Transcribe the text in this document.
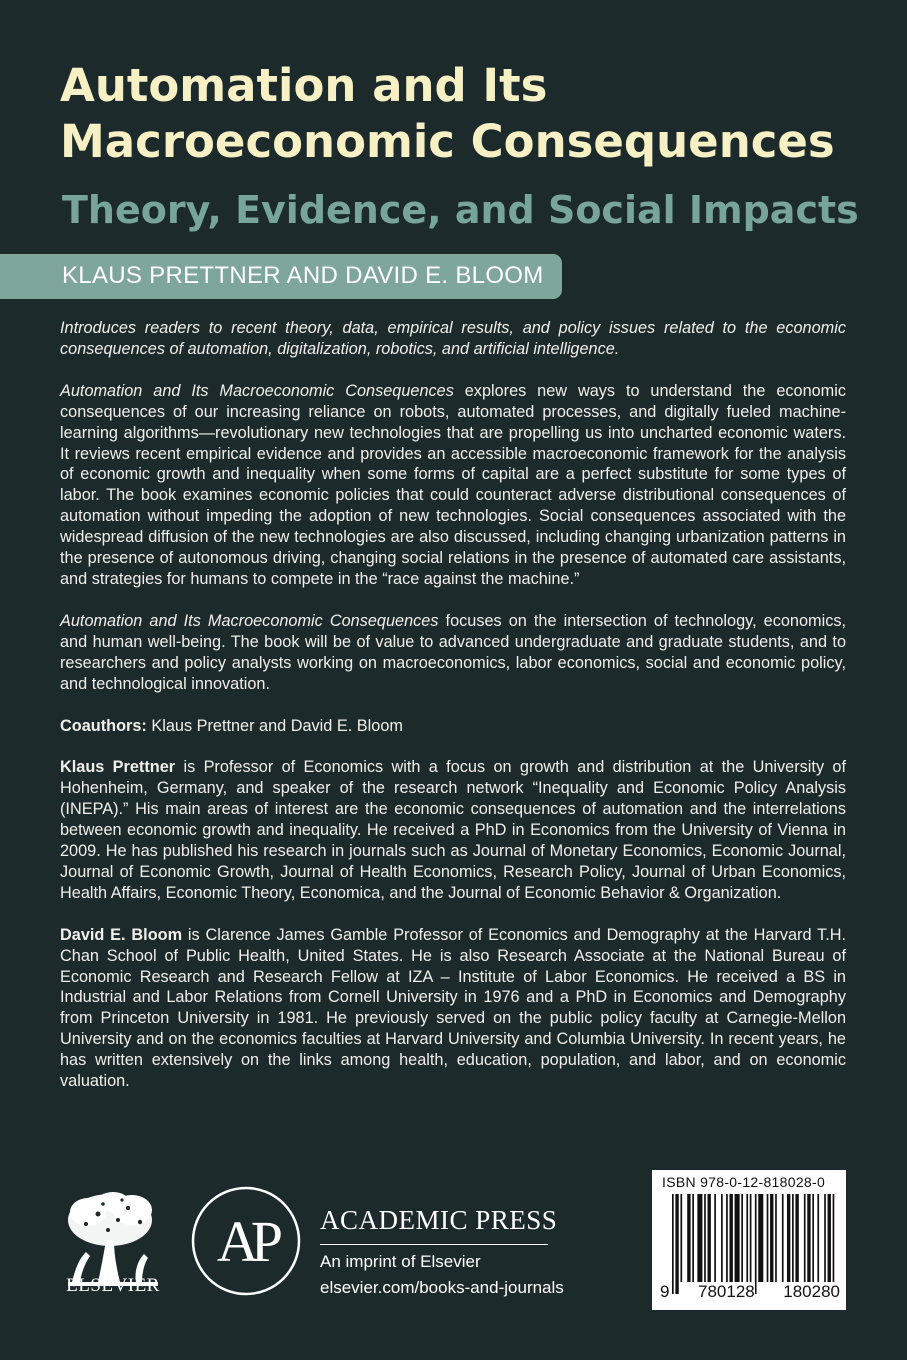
Automation and Its
Macroeconomic Consequences
Theory, Evidence, and Social Impacts
KLAUS PRETTNER AND DAVID E. BLOOM

Introduces readers to recent theory, data, empirical results, and policy issues related to the economic consequences of automation, digitalization, robotics, and artificial intelligence.

Automation and Its Macroeconomic Consequences explores new ways to understand the economic consequences of our increasing reliance on robots, automated processes, and digitally fueled machine-learning algorithms—revolutionary new technologies that are propelling us into uncharted economic waters. It reviews recent empirical evidence and provides an accessible macroeconomic framework for the analysis of economic growth and inequality when some forms of capital are a perfect substitute for some types of labor. The book examines economic policies that could counteract adverse distributional consequences of automation without impeding the adoption of new technologies. Social consequences associated with the widespread diffusion of the new technologies are also discussed, including changing urbanization patterns in the presence of autonomous driving, changing social relations in the presence of automated care assistants, and strategies for humans to compete in the “race against the machine.”

Automation and Its Macroeconomic Consequences focuses on the intersection of technology, economics, and human well-being. The book will be of value to advanced undergraduate and graduate students, and to researchers and policy analysts working on macroeconomics, labor economics, social and economic policy, and technological innovation.

Coauthors: Klaus Prettner and David E. Bloom

Klaus Prettner is Professor of Economics with a focus on growth and distribution at the University of Hohenheim, Germany, and speaker of the research network “Inequality and Economic Policy Analysis (INEPA).” His main areas of interest are the economic consequences of automation and the interrelations between economic growth and inequality. He received a PhD in Economics from the University of Vienna in 2009. He has published his research in journals such as Journal of Monetary Economics, Economic Journal, Journal of Economic Growth, Journal of Health Economics, Research Policy, Journal of Urban Economics, Health Affairs, Economic Theory, Economica, and the Journal of Economic Behavior & Organization.

David E. Bloom is Clarence James Gamble Professor of Economics and Demography at the Harvard T.H. Chan School of Public Health, United States. He is also Research Associate at the National Bureau of Economic Research and Research Fellow at IZA – Institute of Labor Economics. He received a BS in Industrial and Labor Relations from Cornell University in 1976 and a PhD in Economics and Demography from Princeton University in 1981. He previously served on the public policy faculty at Carnegie-Mellon University and on the economics faculties at Harvard University and Columbia University. In recent years, he has written extensively on the links among health, education, population, and labor, and on economic valuation.

ELSEVIER
AP ACADEMIC PRESS
An imprint of Elsevier
elsevier.com/books-and-journals
ISBN 978-0-12-818028-0
9 780128 180280
